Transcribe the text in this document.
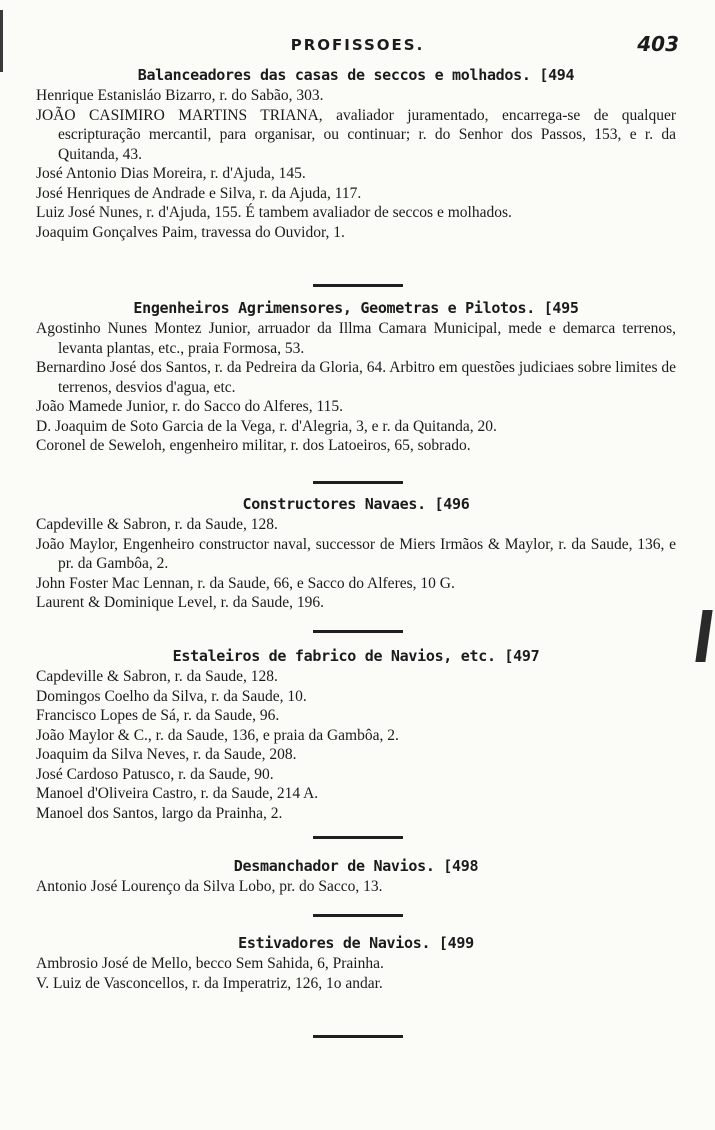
PROFISSOES.	403
Balanceadores das casas de seccos e molhados. [494
Henrique Estanisláo Bizarro, r. do Sabão, 303.
JOÃO CASIMIRO MARTINS TRIANA, avaliador juramentado, encarrega-se de qualquer escripturação mercantil, para organisar, ou continuar; r. do Senhor dos Passos, 153, e r. da Quitanda, 43.
José Antonio Dias Moreira, r. d'Ajuda, 145.
José Henriques de Andrade e Silva, r. da Ajuda, 117.
Luiz José Nunes, r. d'Ajuda, 155. É tambem avaliador de seccos e molhados.
Joaquim Gonçalves Paim, travessa do Ouvidor, 1.
Engenheiros Agrimensores, Geometras e Pilotos. [495
Agostinho Nunes Montez Junior, arruador da Illma Camara Municipal, mede e demarca terrenos, levanta plantas, etc., praia Formosa, 53.
Bernardino José dos Santos, r. da Pedreira da Gloria, 64. Arbitro em questões judiciaes sobre limites de terrenos, desvios d'agua, etc.
João Mamede Junior, r. do Sacco do Alferes, 115.
D. Joaquim de Soto Garcia de la Vega, r. d'Alegria, 3, e r. da Quitanda, 20.
Coronel de Seweloh, engenheiro militar, r. dos Latoeiros, 65, sobrado.
Constructores Navaes. [496
Capdeville & Sabron, r. da Saude, 128.
João Maylor, Engenheiro constructor naval, successor de Miers Irmãos & Maylor, r. da Saude, 136, e pr. da Gambôa, 2.
John Foster Mac Lennan, r. da Saude, 66, e Sacco do Alferes, 10 G.
Laurent & Dominique Level, r. da Saude, 196.
Estaleiros de fabrico de Navios, etc. [497
Capdeville & Sabron, r. da Saude, 128.
Domingos Coelho da Silva, r. da Saude, 10.
Francisco Lopes de Sá, r. da Saude, 96.
João Maylor & C., r. da Saude, 136, e praia da Gambôa, 2.
Joaquim da Silva Neves, r. da Saude, 208.
José Cardoso Patusco, r. da Saude, 90.
Manoel d'Oliveira Castro, r. da Saude, 214 A.
Manoel dos Santos, largo da Prainha, 2.
Desmanchador de Navios. [498
Antonio José Lourenço da Silva Lobo, pr. do Sacco, 13.
Estivadores de Navios. [499
Ambrosio José de Mello, becco Sem Sahida, 6, Prainha.
V. Luiz de Vasconcellos, r. da Imperatriz, 126, 1o andar.
